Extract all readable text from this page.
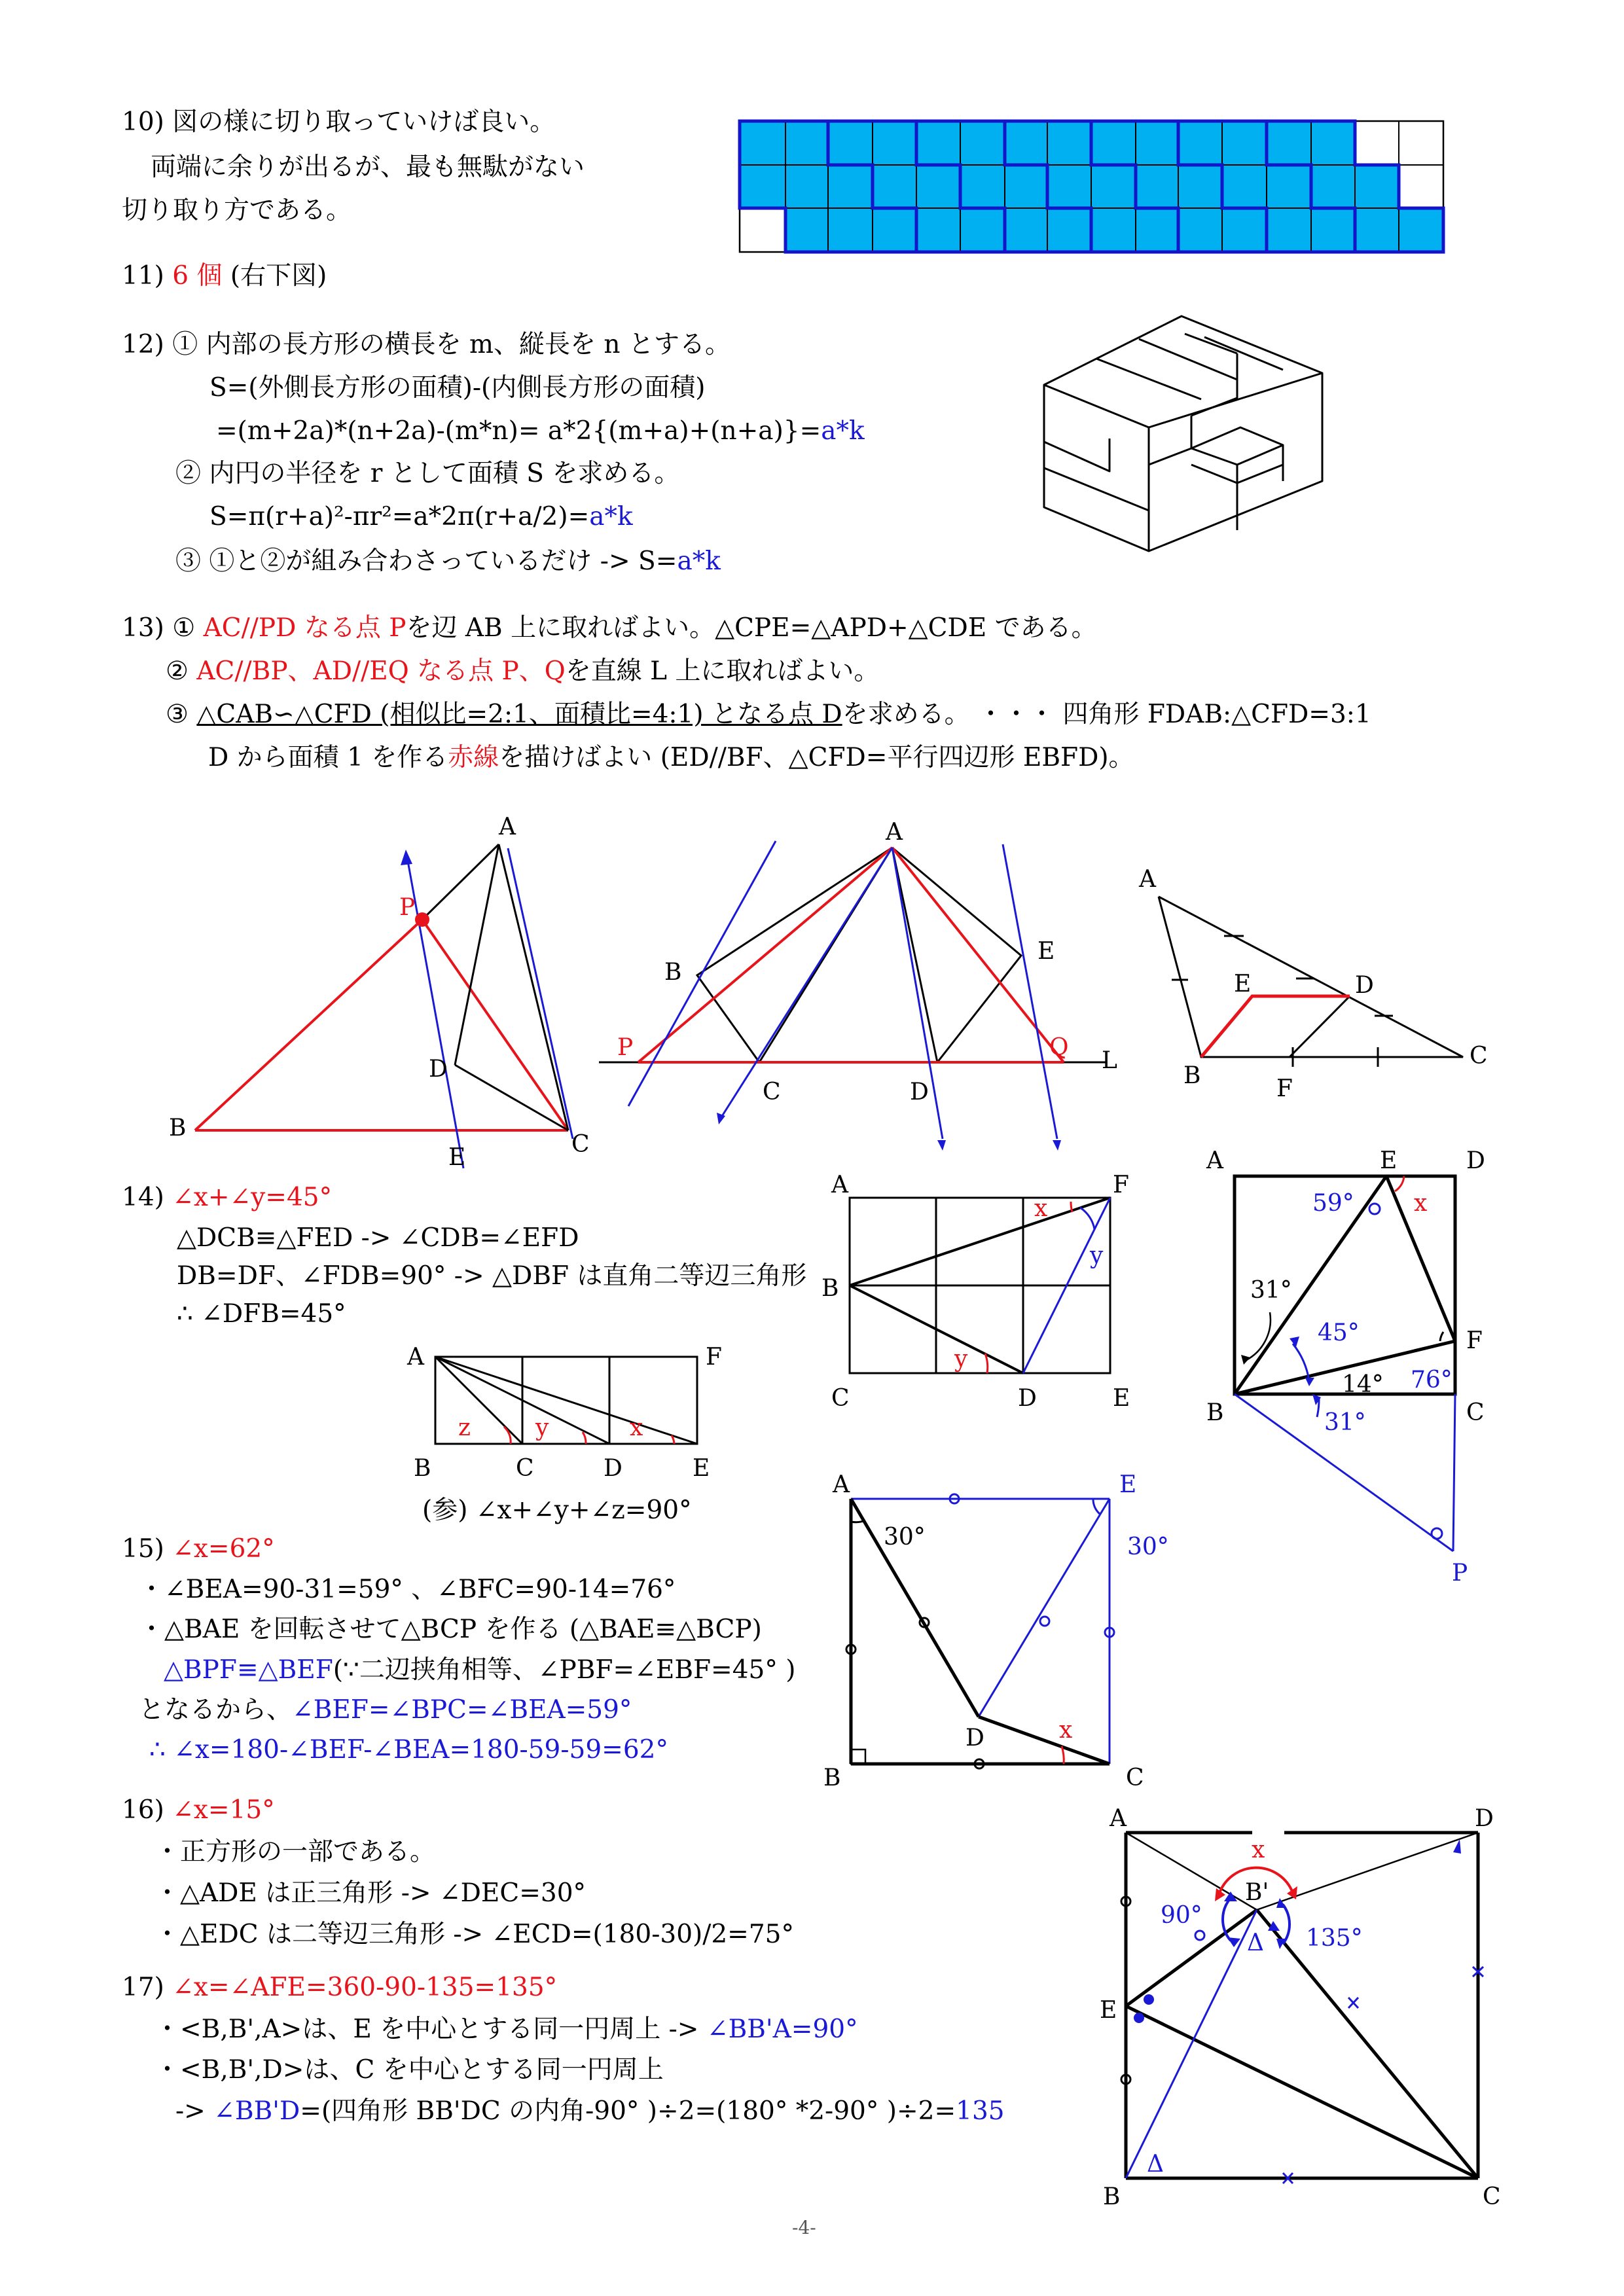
10) 図の様に切り取っていけば良い。
両端に余りが出るが、最も無駄がない
切り取り方である。
11) 6 個 (右下図)
12) ① 内部の長方形の横長を m、縦長を n とする。
S=(外側長方形の面積)-(内側長方形の面積)
=(m+2a)*(n+2a)-(m*n)= a*2{(m+a)+(n+a)}=a*k
② 内円の半径を r として面積 S を求める。
S=π(r+a)²-πr²=a*2π(r+a/2)=a*k
③ ①と②が組み合わさっているだけ -> S=a*k
13) ① AC//PD なる点 Pを辺 AB 上に取ればよい。△CPE=△APD+△CDE である。
② AC//BP、AD//EQ なる点 P、Qを直線 L 上に取ればよい。
③ △CAB∽△CFD (相似比=2:1、面積比=4:1) となる点 Dを求める。 ・・・ 四角形 FDAB:△CFD=3:1
D から面積 1 を作る赤線を描けばよい (ED//BF、△CFD=平行四辺形 EBFD)。
14) ∠x+∠y=45°
△DCB≡△FED -> ∠CDB=∠EFD
DB=DF、∠FDB=90° -> △DBF は直角二等辺三角形
∴ ∠DFB=45°
(参) ∠x+∠y+∠z=90°
15) ∠x=62°
・∠BEA=90-31=59° 、∠BFC=90-14=76°
・△BAE を回転させて△BCP を作る (△BAE≡△BCP)
△BPF≡△BEF(∵二辺挟角相等、∠PBF=∠EBF=45° )
となるから、∠BEF=∠BPC=∠BEA=59°
∴ ∠x=180-∠BEF-∠BEA=180-59-59=62°
16) ∠x=15°
・正方形の一部である。
・△ADE は正三角形 -> ∠DEC=30°
・△EDC は二等辺三角形 -> ∠ECD=(180-30)/2=75°
17) ∠x=∠AFE=360-90-135=135°
・<B,B',A>は、E を中心とする同一円周上 -> ∠BB'A=90°
・<B,B',D>は、C を中心とする同一円周上
-> ∠BB'D=(四角形 BB'DC の内角-90° )÷2=(180° *2-90° )÷2=135
-4-
A
P
B
D
E	C
A
B
E
P	Q L
C	D
A
E	D
C
B	F
A	F
B	C	D	E
z	y	x
A	F
B
C	D	E
x
y
y
A	E	D
F
B	C
P
x
59°
31°
45°
14° 76°
31°
A	E
30°	30°
D	x
B	C
A	D
x
B'
90°
135°
Δ
Δ
E
B	C
